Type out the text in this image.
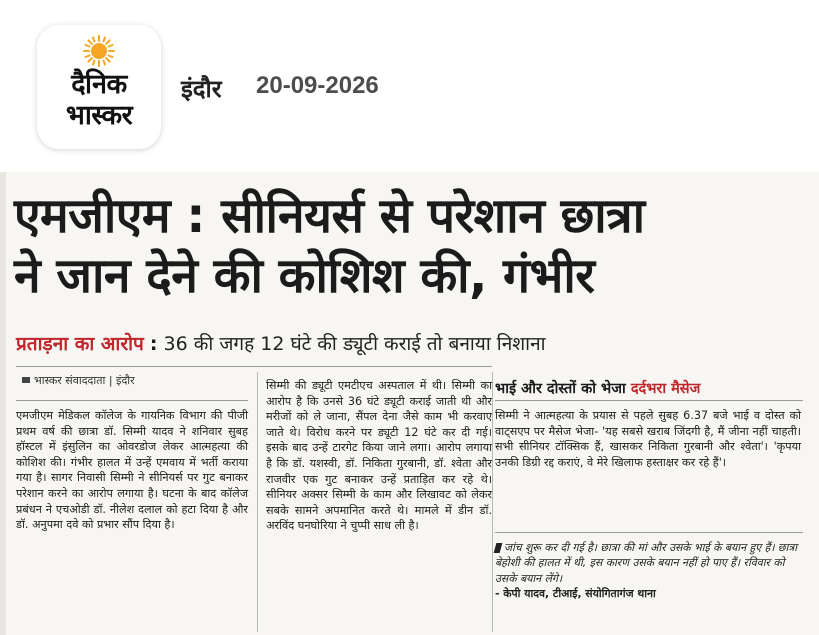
दैनिक
भास्कर
इंदौर 20-09-2026
एमजीएम : सीनियर्स से परेशान छात्रा
ने जान देने की कोशिश की, गंभीर
प्रताड़ना का आरोप : 36 की जगह 12 घंटे की ड्यूटी कराई तो बनाया निशाना
भास्कर संवाददाता | इंदौर
एमजीएम मेडिकल कॉलेज के गायनिक विभाग की पीजी प्रथम वर्ष की छात्रा डॉ. सिम्मी यादव ने शनिवार सुबह हॉस्टल में इंसुलिन का ओवरडोज लेकर आत्महत्या की कोशिश की। गंभीर हालत में उन्हें एमवाय में भर्ती कराया गया है। सागर निवासी सिम्मी ने सीनियर्स पर गुट बनाकर परेशान करने का आरोप लगाया है। घटना के बाद कॉलेज प्रबंधन ने एचओडी डॉ. नीलेश दलाल को हटा दिया है और डॉ. अनुपमा दवे को प्रभार सौंप दिया है।
सिम्मी की ड्यूटी एमटीएच अस्पताल में थी। सिम्मी का आरोप है कि उनसे 36 घंटे ड्यूटी कराई जाती थी और मरीजों को ले जाना, सैंपल देना जैसे काम भी करवाए जाते थे। विरोध करने पर ड्यूटी 12 घंटे कर दी गई। इसके बाद उन्हें टारगेट किया जाने लगा। आरोप लगाया है कि डॉ. यशस्वी, डॉ. निकिता गुरबानी, डॉ. श्वेता और राजवीर एक गुट बनाकर उन्हें प्रताड़ित कर रहे थे। सीनियर अक्सर सिम्मी के काम और लिखावट को लेकर सबके सामने अपमानित करते थे। मामले में डीन डॉ. अरविंद घनघोरिया ने चुप्पी साध ली है।
भाई और दोस्तों को भेजा दर्दभरा मैसेज
सिम्मी ने आत्महत्या के प्रयास से पहले सुबह 6.37 बजे भाई व दोस्त को वाट्सएप पर मैसेज भेजा- 'यह सबसे खराब जिंदगी है, मैं जीना नहीं चाहती। सभी सीनियर टॉक्सिक हैं, खासकर निकिता गुरबानी और श्वेता'। 'कृपया उनकी डिग्री रद्द कराएं, वे मेरे खिलाफ हस्ताक्षर कर रहे हैं'।
जांच शुरू कर दी गई है। छात्रा की मां और उसके भाई के बयान हुए हैं। छात्रा बेहोशी की हालत में थी, इस कारण उसके बयान नहीं हो पाए हैं। रविवार को उसके बयान लेंगे।
- केपी यादव, टीआई, संयोगितागंज थाना
